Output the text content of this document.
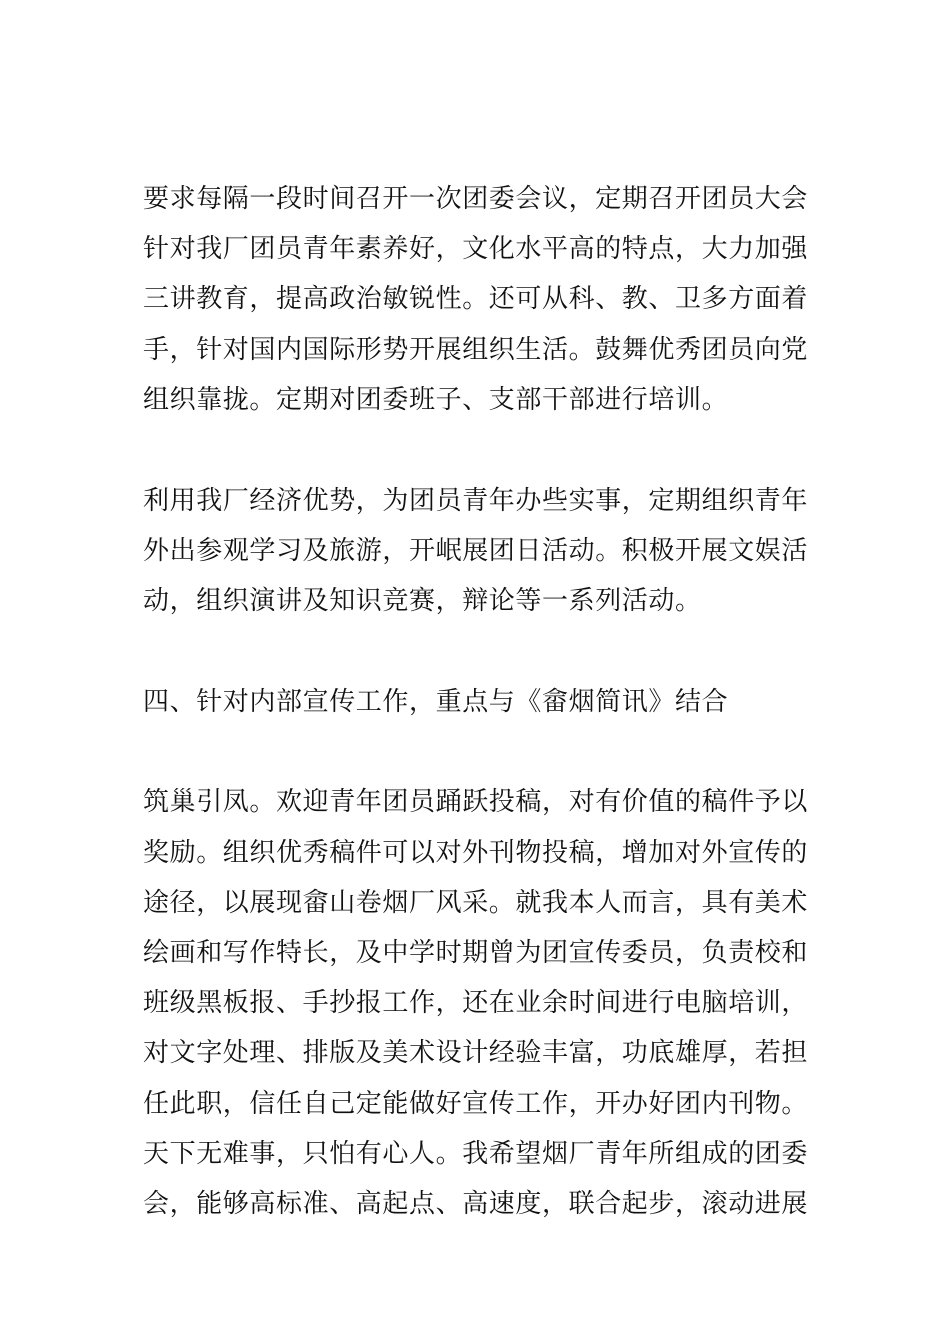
要求每隔一段时间召开一次团委会议，定期召开团员大会
针对我厂团员青年素养好，文化水平高的特点，大力加强
三讲教育，提高政治敏锐性。还可从科、教、卫多方面着
手，针对国内国际形势开展组织生活。鼓舞优秀团员向党
组织靠拢。定期对团委班子、支部干部进行培训。
利用我厂经济优势，为团员青年办些实事，定期组织青年
外出参观学习及旅游，开岷展团日活动。积极开展文娱活
动，组织演讲及知识竞赛，辩论等一系列活动。
四、针对内部宣传工作，重点与《畲烟简讯》结合
筑巢引凤。欢迎青年团员踊跃投稿，对有价值的稿件予以
奖励。组织优秀稿件可以对外刊物投稿，增加对外宣传的
途径，以展现畲山卷烟厂风采。就我本人而言，具有美术
绘画和写作特长，及中学时期曾为团宣传委员，负责校和
班级黑板报、手抄报工作，还在业余时间进行电脑培训，
对文字处理、排版及美术设计经验丰富，功底雄厚，若担
任此职，信任自己定能做好宣传工作，开办好团内刊物。
天下无难事，只怕有心人。我希望烟厂青年所组成的团委
会，能够高标准、高起点、高速度，联合起步，滚动进展
